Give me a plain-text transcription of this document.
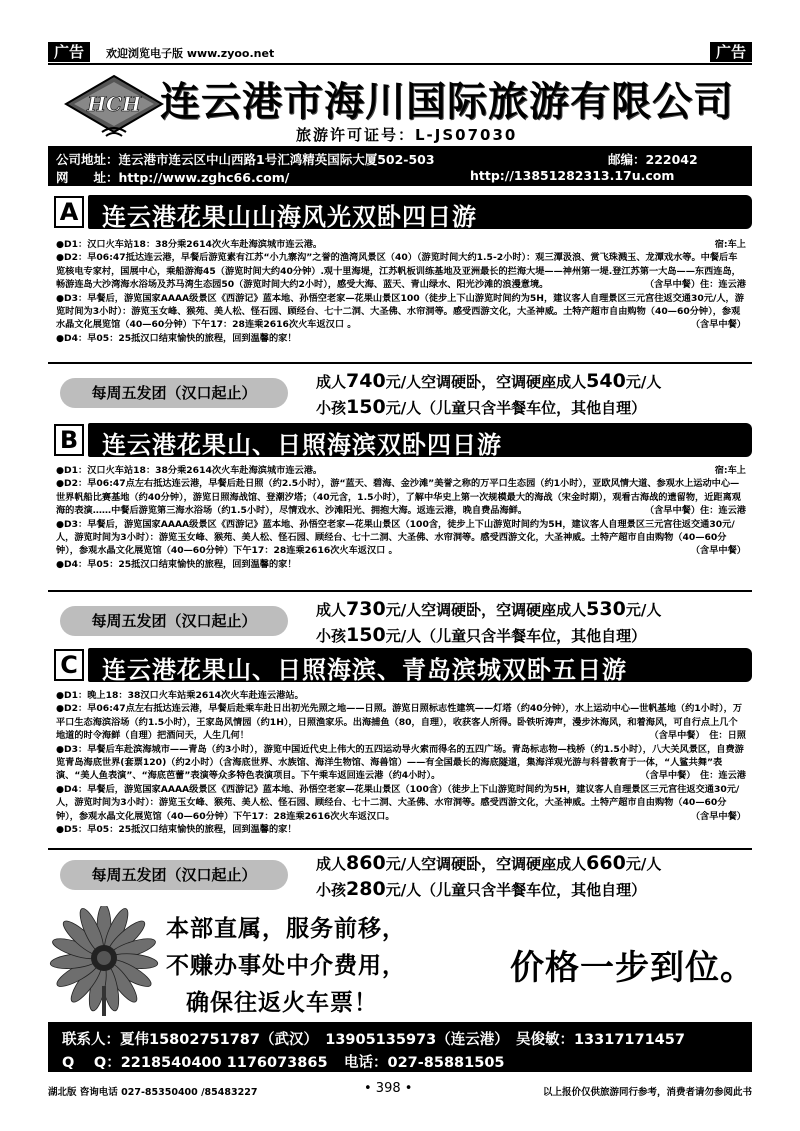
广告	欢迎浏览电子版 www.zyoo.net	广告
HCH 连云港市海川国际旅游有限公司
旅游许可证号：L-JS07030
公司地址：连云港市连云区中山西路1号汇鸿精英国际大厦502-503	邮编：222042
网　　址：http://www.zghc66.com/	http://13851282313.17u.com
A 连云港花果山山海风光双卧四日游

宿:车上
●D1：汉口火车站18：38分乘2614次火车赴海滨城市连云港。

●D2：早06:47抵达连云港，早餐后游览素有江苏“小九寨沟”之誉的渔湾风景区（40）（游览时间大约1.5-2小时）：观三潭汲浪、赏飞珠溅玉、龙潭戏水等。中餐后车览核电专家村，国展中心，乘船游海45（游览时间大约40分钟）.观十里海堤，江苏帆板训练基地及亚洲最长的拦海大堤——神州第一堤.登江苏第一大岛——东西连岛，畅游连岛大沙湾海水浴场及苏马湾生态园50（游览时间大约2小时），感受大海、蓝天、青山绿水、阳光沙滩的浪漫意境。	（含早中餐）住：连云港

●D3：早餐后，游览国家AAAA级景区《西游记》蓝本地、孙悟空老家—花果山景区100（徒步上下山游览时间约为5H，建议客人自理景区三元宫往返交通30元/人，游览时间为3小时）：游览玉女峰、猴苑、美人松、怪石园、顾经台、七十二洞、大圣佛、水帘洞等。感受西游文化，大圣神威。土特产超市自由购物（40—60分钟），参观水晶文化展览馆（40—60分钟）下午17：28连乘2616次火车返汉口 。	（含早中餐）

●D4：早05：25抵汉口结束愉快的旅程，回到温馨的家！

每周五发团（汉口起止）
成人740元/人空调硬卧，空调硬座成人540元/人
小孩150元/人（儿童只含半餐车位，其他自理）
B 连云港花果山、日照海滨双卧四日游

宿:车上
●D1：汉口火车站18：38分乘2614次火车赴海滨城市连云港。

●D2：早06:47点左右抵达连云港，早餐后赴日照（约2.5小时），游“蓝天、碧海、金沙滩”美誉之称的万平口生态园（约1小时），亚欧风情大道、参观水上运动中心—世界帆船比赛基地（约40分钟），游览日照海战馆、登潮汐塔；（40元含，1.5小时），了解中华史上第一次规模最大的海战（宋金时期），观看古海战的遗留物，近距离观海的表演……中餐后游览第三海水浴场（约1.5小时），尽情戏水、沙滩阳光、拥抱大海。返连云港，晚自费品海鲜。	（含早中餐）住：连云港

●D3：早餐后，游览国家AAAA级景区《西游记》蓝本地、孙悟空老家—花果山景区（100含，徒步上下山游览时间约为5H，建议客人自理景区三元宫往返交通30元/人，游览时间为3小时）：游览玉女峰、猴苑、美人松、怪石园、顾经台、七十二洞、大圣佛、水帘洞等。感受西游文化，大圣神威。土特产超市自由购物（40—60分钟），参观水晶文化展览馆（40—60分钟）下午17：28连乘2616次火车返汉口 。	（含早中餐）

●D4：早05：25抵汉口结束愉快的旅程，回到温馨的家！

每周五发团（汉口起止）
成人730元/人空调硬卧，空调硬座成人530元/人
小孩150元/人（儿童只含半餐车位，其他自理）
C 连云港花果山、日照海滨、青岛滨城双卧五日游

●D1：晚上18：38汉口火车站乘2614次火车赴连云港站。

●D2：早06:47点左右抵达连云港，早餐后赴乘车赴日出初光先照之地——日照。游览日照标志性建筑——灯塔（约40分钟），水上运动中心—世帆基地（约1小时），万平口生态海滨浴场（约1.5小时），王家岛风情园（约1H），日照渔家乐。出海捕鱼（80，自理），收获客人所得。卧铁听涛声，漫步沐海风，和着海风，可自行点上几个地道的时令海鲜（自理）把酒问天，人生几何！	（含早中餐）　住：日照

●D3：早餐后车赴滨海城市——青岛（约3小时），游览中国近代史上伟大的五四运动导火索而得名的五四广场。青岛标志物—栈桥（约1.5小时），八大关风景区，自费游览青岛海底世界(套票120)（约2小时）（含海底世界、水族馆、海洋生物馆、海兽馆）——有全国最长的海底隧道，集海洋观光游与科普教育于一体，“人鲨共舞”表演、“美人鱼表演”、“海底芭蕾”表演等众多特色表演项目。下午乘车返回连云港（约4小时）。	（含早中餐）　住：连云港

●D4：早餐后，游览国家AAAA级景区《西游记》蓝本地、孙悟空老家—花果山景区（100含）（徒步上下山游览时间约为5H，建议客人自理景区三元宫往返交通30元/人，游览时间为3小时）：游览玉女峰、猴苑、美人松、怪石园、顾经台、七十二洞、大圣佛、水帘洞等。感受西游文化，大圣神威。土特产超市自由购物（40—60分钟），参观水晶文化展览馆（40—60分钟）下午17：28连乘2616次火车返汉口。	（含早中餐）

●D5：早05：25抵汉口结束愉快的旅程，回到温馨的家！

每周五发团（汉口起止）
成人860元/人空调硬卧，空调硬座成人660元/人
小孩280元/人（儿童只含半餐车位，其他自理）
本部直属，服务前移，
不赚办事处中介费用，
确保往返火车票！
价格一步到位。
联系人：夏伟15802751787（武汉）　13905135973（连云港）　吴俊敏：13317171457
Q　 Q：2218540400 1176073865 电话：027-85881505
湖北版 咨询电话 027-85350400 /85483227	• 398 •	以上报价仅供旅游同行参考，消费者请勿参阅此书
